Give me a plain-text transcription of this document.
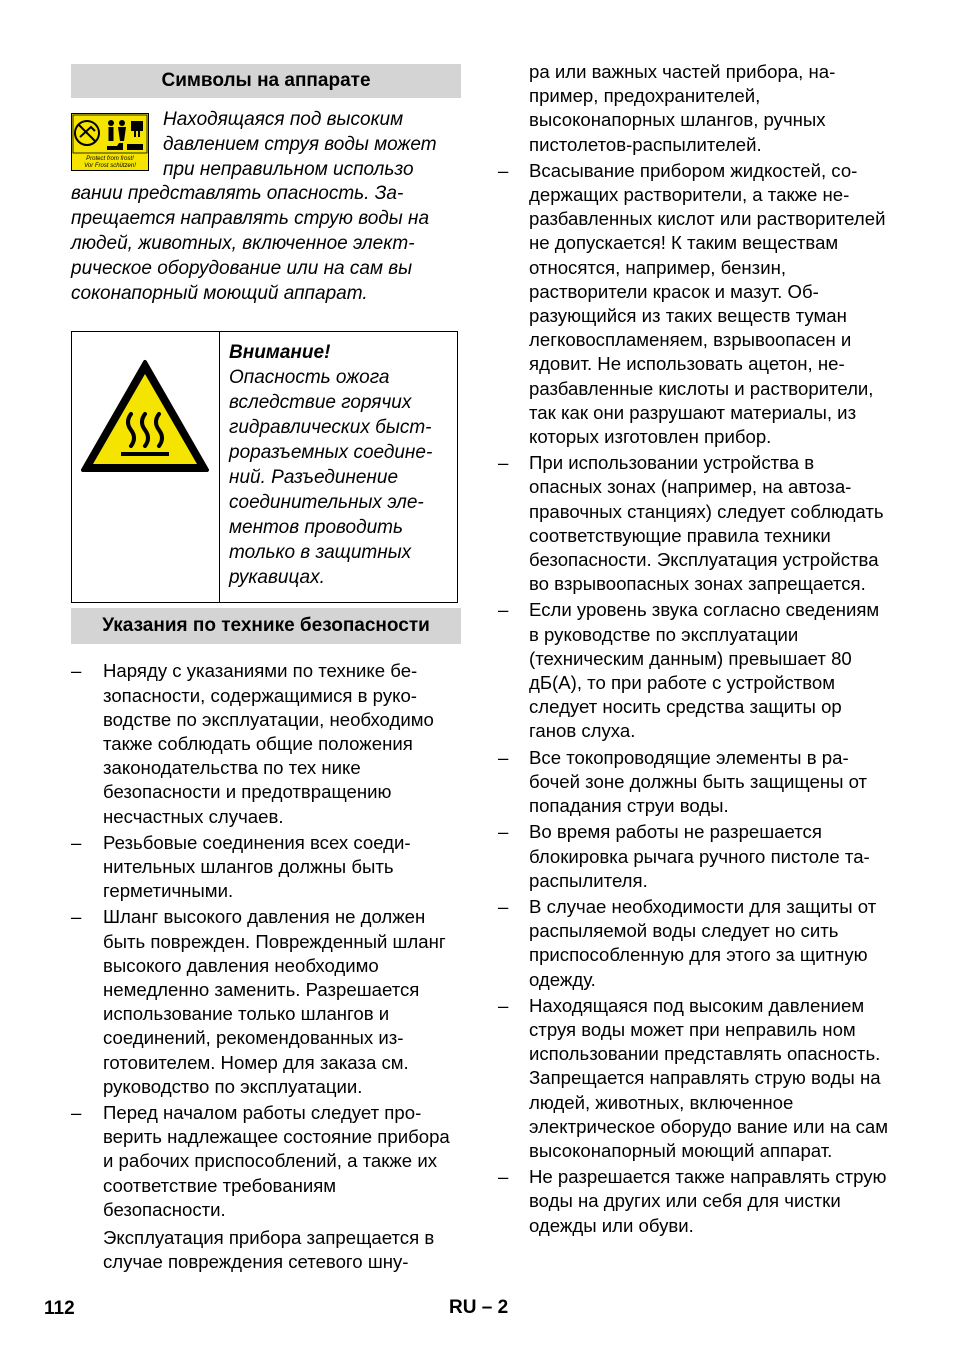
Символы на аппарате
Protect from frost!
Vor Frost schützen!
Находящаяся под высоким давлением струя воды может при неправильном использо вании представлять опасность. Запрещается направлять струю воды на людей, животных, включенное электрическое оборудование или на сам вы соконапорный моющий аппарат.

Внимание!
Опасность ожога вследствие горячих гидравлических быстроразъемных соединений. Разъединение соединительных элементов проводить только в защитных рукавицах.
Указания по технике безопасности
– Наряду с указаниями по технике безопасности, содержащимися в руководстве по эксплуатации, необходимо также соблюдать общие положения законодательства по тех нике безопасности и предотвращению несчастных случаев.
– Резьбовые соединения всех соединительных шлангов должны быть герметичными.
– Шланг высокого давления не должен быть поврежден. Поврежденный шланг высокого давления необходимо немедленно заменить. Разрешается использование только шлангов и соединений, рекомендованных изготовителем. Номер для заказа см. руководство по эксплуатации.
– Перед началом работы следует проверить надлежащее состояние прибора и рабочих приспособлений, а также их соответствие требованиям безопасности.
Эксплуатация прибора запрещается в случае повреждения сетевого шну-
ра или важных частей прибора, например, предохранителей, высоконапорных шлангов, ручных пистолетов-распылителей.
– Всасывание прибором жидкостей, содержащих растворители, а также неразбавленных кислот или растворителей не допускается! К таким веществам относятся, например, бензин, растворители красок и мазут. Образующийся из таких веществ туман легковоспламеняем, взрывоопасен и ядовит. Не использовать ацетон, неразбавленные кислоты и растворители, так как они разрушают материалы, из которых изготовлен прибор.
– При использовании устройства в опасных зонах (например, на автозаправочных станциях) следует соблюдать соответствующие правила техники безопасности. Эксплуатация устройства во взрывоопасных зонах запрещается.
– Если уровень звука согласно сведениям в руководстве по эксплуатации (техническим данным) превышает 80 дБ(А), то при работе с устройством следует носить средства защиты ор ганов слуха.
– Все токопроводящие элементы в рабочей зоне должны быть защищены от попадания струи воды.
– Во время работы не разрешается блокировка рычага ручного пистоле та-распылителя.
– В случае необходимости для защиты от распыляемой воды следует но сить приспособленную для этого за щитную одежду.
– Находящаяся под высоким давлением струя воды может при неправиль ном использовании представлять опасность. Запрещается направлять струю воды на людей, животных, включенное электрическое оборудо вание или на сам высоконапорный моющий аппарат.
– Не разрешается также направлять струю воды на других или себя для чистки одежды или обуви.
112	RU – 2
